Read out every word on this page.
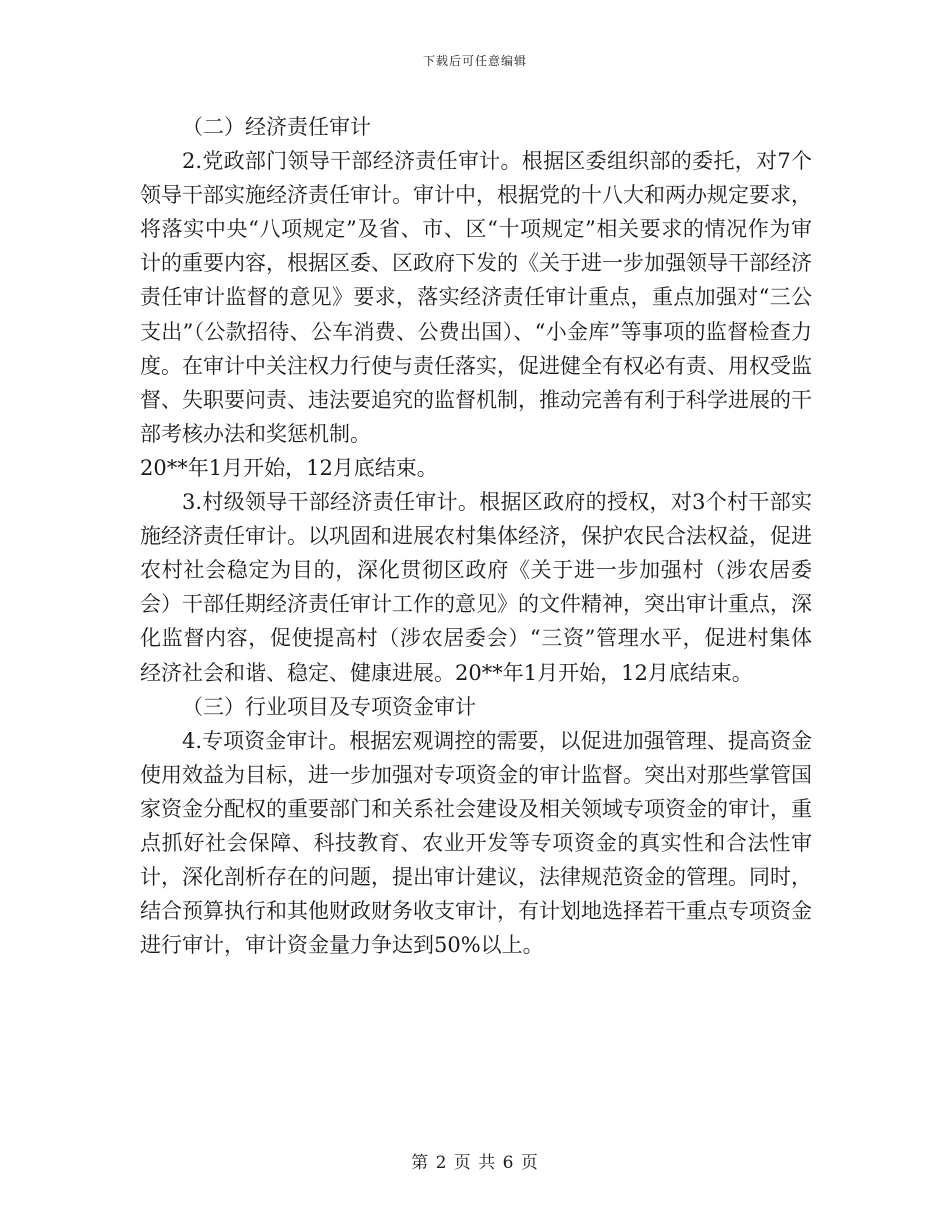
下载后可任意编辑

（二）经济责任审计

2.党政部门领导干部经济责任审计。根据区委组织部的委托，对7个领导干部实施经济责任审计。审计中，根据党的十八大和两办规定要求，将落实中央“八项规定”及省、市、区“十项规定”相关要求的情况作为审计的重要内容，根据区委、区政府下发的《关于进一步加强领导干部经济责任审计监督的意见》要求，落实经济责任审计重点，重点加强对“三公支出”（公款招待、公车消费、公费出国）、“小金库”等事项的监督检查力度。在审计中关注权力行使与责任落实，促进健全有权必有责、用权受监督、失职要问责、违法要追究的监督机制，推动完善有利于科学进展的干部考核办法和奖惩机制。

20**年1月开始，12月底结束。

3.村级领导干部经济责任审计。根据区政府的授权，对3个村干部实施经济责任审计。以巩固和进展农村集体经济，保护农民合法权益，促进农村社会稳定为目的，深化贯彻区政府《关于进一步加强村（涉农居委会）干部任期经济责任审计工作的意见》的文件精神，突出审计重点，深化监督内容，促使提高村（涉农居委会）“三资”管理水平，促进村集体经济社会和谐、稳定、健康进展。20**年1月开始，12月底结束。

（三）行业项目及专项资金审计

4.专项资金审计。根据宏观调控的需要，以促进加强管理、提高资金使用效益为目标，进一步加强对专项资金的审计监督。突出对那些掌管国家资金分配权的重要部门和关系社会建设及相关领域专项资金的审计，重点抓好社会保障、科技教育、农业开发等专项资金的真实性和合法性审计，深化剖析存在的问题，提出审计建议，法律规范资金的管理。同时，结合预算执行和其他财政财务收支审计，有计划地选择若干重点专项资金进行审计，审计资金量力争达到50%以上。

第 2 页 共 6 页
